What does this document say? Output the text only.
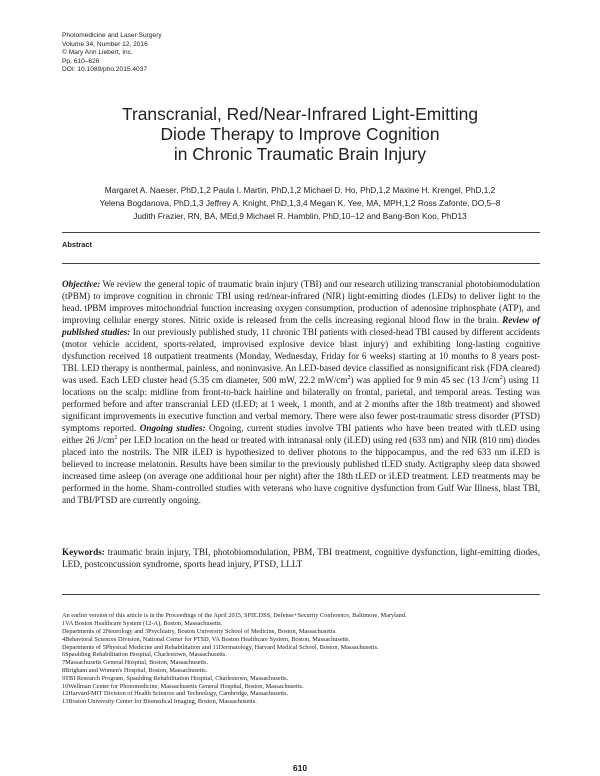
Photomedicine and Laser Surgery
Volume 34, Number 12, 2016
© Mary Ann Liebert, Inc.
Pp. 610–626
DOI: 10.1089/pho.2015.4037
Transcranial, Red/Near-Infrared Light-Emitting
Diode Therapy to Improve Cognition
in Chronic Traumatic Brain Injury
Margaret A. Naeser, PhD,1,2 Paula I. Martin, PhD,1,2 Michael D. Ho, PhD,1,2 Maxine H. Krengel, PhD,1,2
Yelena Bogdanova, PhD,1,3 Jeffrey A. Knight, PhD,1,3,4 Megan K. Yee, MA, MPH,1,2 Ross Zafonte, DO,5–8
Judith Frazier, RN, BA, MEd,9 Michael R. Hamblin, PhD,10–12 and Bang-Bon Koo, PhD13
Abstract

Objective: We review the general topic of traumatic brain injury (TBI) and our research utilizing transcranial photobiomodulation (tPBM) to improve cognition in chronic TBI using red/near-infrared (NIR) light-emitting diodes (LEDs) to deliver light to the head. tPBM improves mitochondrial function increasing oxygen consumption, production of adenosine triphosphate (ATP), and improving cellular energy stores. Nitric oxide is released from the cells increasing regional blood flow in the brain. Review of published studies: In our previously published study, 11 chronic TBI patients with closed-head TBI caused by different accidents (motor vehicle accident, sports-related, improvised explosive device blast injury) and exhibiting long-lasting cognitive dysfunction received 18 outpatient treatments (Monday, Wednesday, Friday for 6 weeks) starting at 10 months to 8 years post-TBI. LED therapy is nonthermal, painless, and noninvasive. An LED-based device classified as nonsignificant risk (FDA cleared) was used. Each LED cluster head (5.35 cm diameter, 500 mW, 22.2 $mW/cm^2$) was applied for 9 min 45 sec (13 $J/cm^2$) using 11 locations on the scalp: midline from front-to-back hairline and bilaterally on frontal, parietal, and temporal areas. Testing was performed before and after transcranial LED (tLED; at 1 week, 1 month, and at 2 months after the 18th treatment) and showed significant improvements in executive function and verbal memory. There were also fewer post-traumatic stress disorder (PTSD) symptoms reported. Ongoing studies: Ongoing, current studies involve TBI patients who have been treated with tLED using either 26 $J/cm^2$ per LED location on the head or treated with intranasal only (iLED) using red (633 nm) and NIR (810 nm) diodes placed into the nostrils. The NIR iLED is hypothesized to deliver photons to the hippocampus, and the red 633 nm iLED is believed to increase melatonin. Results have been similar to the previously published tLED study. Actigraphy sleep data showed increased time asleep (on average one additional hour per night) after the 18th tLED or iLED treatment. LED treatments may be performed in the home. Sham-controlled studies with veterans who have cognitive dysfunction from Gulf War Illness, blast TBI, and TBI/PTSD are currently ongoing.

Keywords: traumatic brain injury, TBI, photobiomodulation, PBM, TBI treatment, cognitive dysfunction, light-emitting diodes, LED, postconcussion syndrome, sports head injury, PTSD, LLLT
An earlier version of this article is in the Proceedings of the April 2015, SPIE.DSS, Defense+Security Conference, Baltimore, Maryland.
1VA Boston Healthcare System (12-A), Boston, Massachusetts.
Departments of 2Neurology and 3Psychiatry, Boston University School of Medicine, Boston, Massachusetts.
4Behavioral Sciences Division, National Center for PTSD, VA Boston Healthcare System, Boston, Massachusetts.
Departments of 5Physical Medicine and Rehabilitation and 11Dermatology, Harvard Medical School, Boston, Massachusetts.
6Spaulding Rehabilitation Hospital, Charlestown, Massachusetts.
7Massachusetts General Hospital, Boston, Massachusetts.
8Brigham and Women's Hospital, Boston, Massachusetts.
9TBI Research Program, Spaulding Rehabilitation Hospital, Charlestown, Massachusetts.
10Wellman Center for Photomedicine, Massachusetts General Hospital, Boston, Massachusetts.
12Harvard-MIT Division of Health Sciences and Technology, Cambridge, Massachusetts.
13Boston University Center for Biomedical Imaging, Boston, Massachusetts.
610
